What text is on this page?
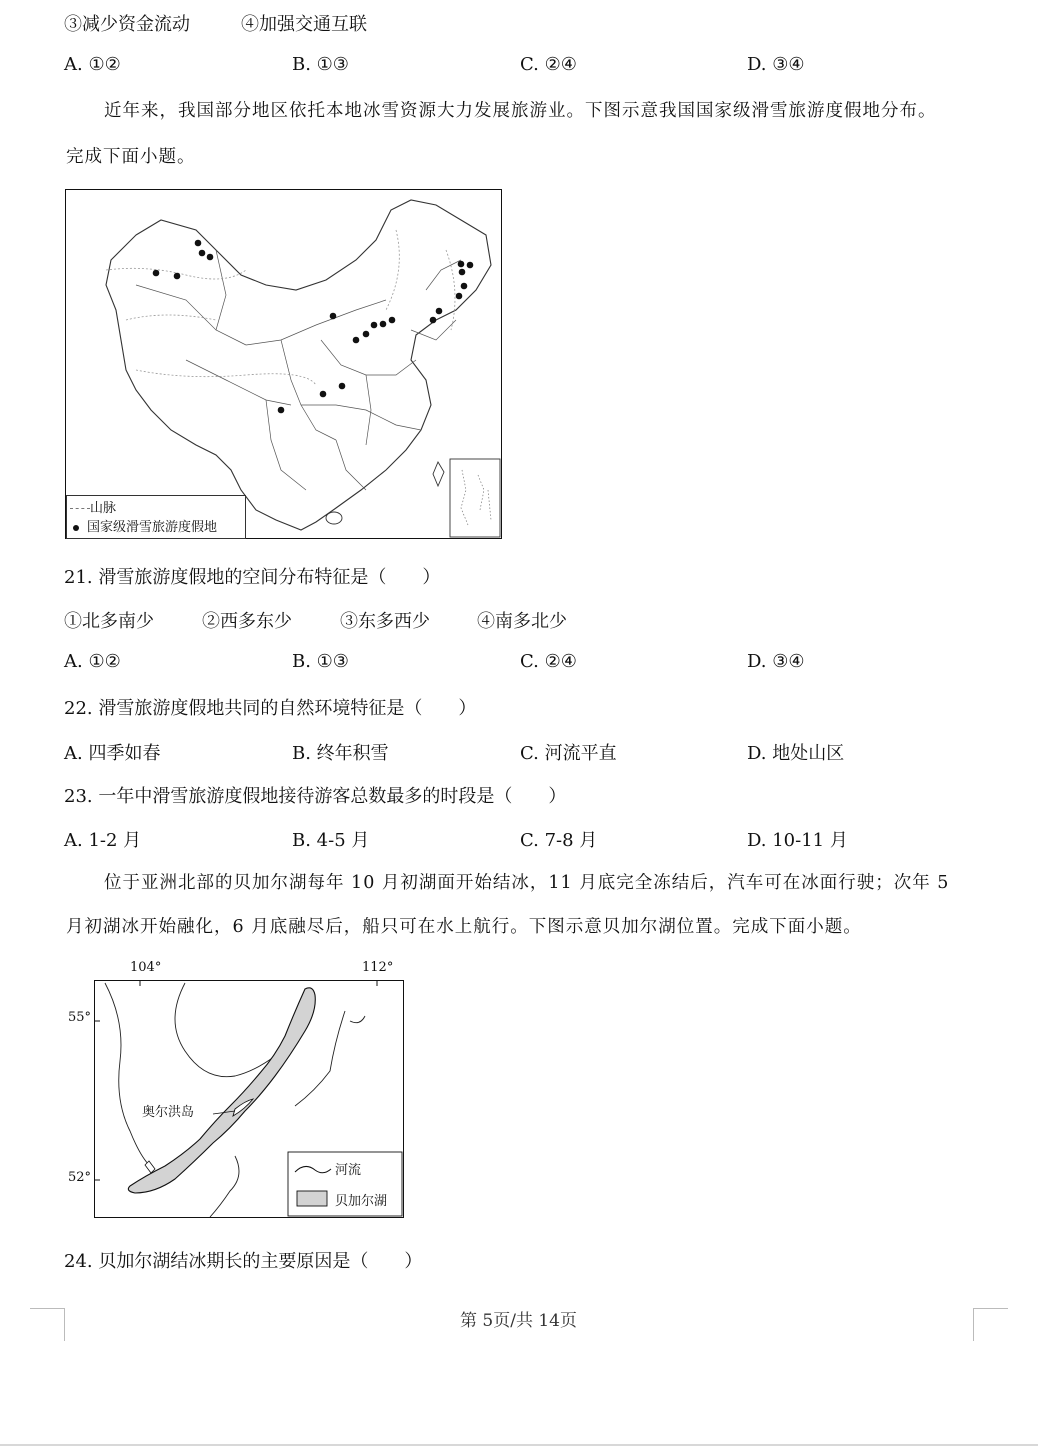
③减少资金流动	④加强交通互联
A. ①②	B. ①③	C. ②④	D. ③④
近年来，我国部分地区依托本地冰雪资源大力发展旅游业。下图示意我国国家级滑雪旅游度假地分布。
完成下面小题。
山脉
国家级滑雪旅游度假地
21. 滑雪旅游度假地的空间分布特征是（　　）
①北多南少	②西多东少	③东多西少	④南多北少
A. ①②	B. ①③	C. ②④	D. ③④
22. 滑雪旅游度假地共同的自然环境特征是（　　）
A. 四季如春	B. 终年积雪	C. 河流平直	D. 地处山区
23. 一年中滑雪旅游度假地接待游客总数最多的时段是（　　）
A. 1-2 月	B. 4-5 月	C. 7-8 月	D. 10-11 月
位于亚洲北部的贝加尔湖每年 10 月初湖面开始结冰，11 月底完全冻结后，汽车可在冰面行驶；次年 5
月初湖冰开始融化，6 月底融尽后，船只可在水上航行。下图示意贝加尔湖位置。完成下面小题。
104°	112°
55°
52°
奥尔洪岛
河流
贝加尔湖
24. 贝加尔湖结冰期长的主要原因是（　　）
第 5页/共 14页
